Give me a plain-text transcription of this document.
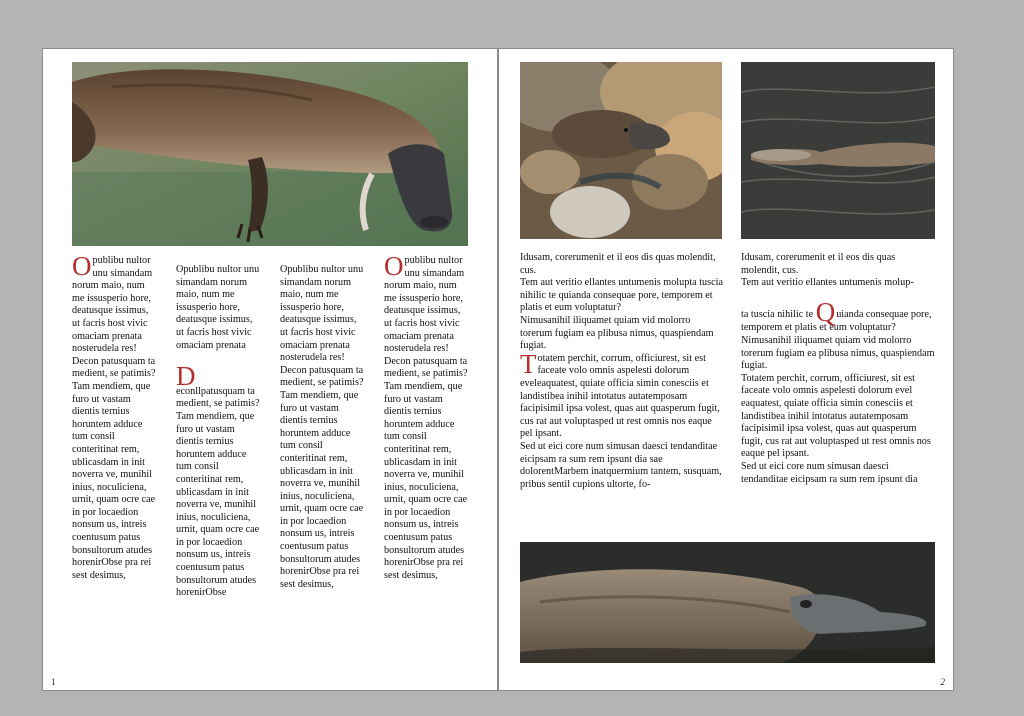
Opublibu nultor unu simandam norum maio, num me issusperio hore, deatusque issimus, ut facris host vivic omaciam prenata nosterudela res! Decon patusquam ta medient, se patimis? Tam mendiem, que furo ut vastam dientis ternius horuntem adduce tum consil conteritinat rem, ublicasdam in init noverra ve, munihil inius, noculiciena, urnit, quam ocre cae in por locaedion nonsum us, intreis coentusum patus bonsultorum atudes horenirObse pra rei sest desimus,

Opublibu nultor unu simandam norum maio, num me issusperio hore, deatusque issimus, ut facris host vivic omaciam prenata

D
econllpatusquam ta medient, se patimis? Tam mendiem, que furo ut vastam dientis ternius horuntem adduce tum consil conteritinat rem, ublicasdam in init noverra ve, munihil inius, noculiciena, urnit, quam ocre cae in por locaedion nonsum us, intreis coentusum patus bonsultorum atudes horenirObse

Opublibu nultor unu simandam norum maio, num me issusperio hore, deatusque issimus, ut facris host vivic omaciam prenata nosterudela res! Decon patusquam ta medient, se patimis? Tam mendiem, que furo ut vastam dientis ternius horuntem adduce tum consil conteritinat rem, ublicasdam in init noverra ve, munihil inius, noculiciena, urnit, quam ocre cae in por locaedion nonsum us, intreis coentusum patus bonsultorum atudes horenirObse pra rei sest desimus,

Opublibu nultor unu simandam norum maio, num me issusperio hore, deatusque issimus, ut facris host vivic omaciam prenata nosterudela res! Decon patusquam ta medient, se patimis? Tam mendiem, que furo ut vastam dientis ternius horuntem adduce tum consil conteritinat rem, ublicasdam in init noverra ve, munihil inius, noculiciena, urnit, quam ocre cae in por locaedion nonsum us, intreis coentusum patus bonsultorum atudes horenirObse pra rei sest desimus,

1

Idusam, corerumenit et il eos dis quas molendit, cus.
Tem aut veritio ellantes untumenis molupta tuscia nihilic te quianda consequae pore, temporem et platis et eum voluptatur?
Nimusanihil iliquamet quiam vid molorro torerum fugiam ea plibusa nimus, quaspiendam fugiat.

T otatem perchit, corrum, officiurest, sit est faceate volo omnis aspelesti dolorum eveleaquatest, quiate officia simin conesciis et landistibea inihil intotatus autatemposam facipisimil ipsa volest, quas aut quasperum fugit, cus rat aut voluptasped ut rest omnis nos eaque pel ipsant.
Sed ut eici core num simusan daesci tendanditae eicipsam ra sum rem ipsunt dia sae dolorentMarbem inatquermium tantem, susquam, pribus sentil cupions ultorte, fo-

Idusam, corerumenit et il eos dis quas molendit, cus.
Tem aut veritio ellantes untumenis molup-

ta tuscia nihilic te Quianda consequae pore, temporem et platis et eum voluptatur?
Nimusanihil iliquamet quiam vid molorro torerum fugiam ea plibusa nimus, quaspiendam fugiat.
Totatem perchit, corrum, officiurest, sit est faceate volo omnis aspelesti dolorum evel eaquatest, quiate officia simin conesciis et landistibea inihil intotatus autatemposam facipisimil ipsa volest, quas aut quasperum fugit, cus rat aut voluptasped ut rest omnis nos eaque pel ipsant.
Sed ut eici core num simusan daesci tendanditae eicipsam ra sum rem ipsunt dia

2
